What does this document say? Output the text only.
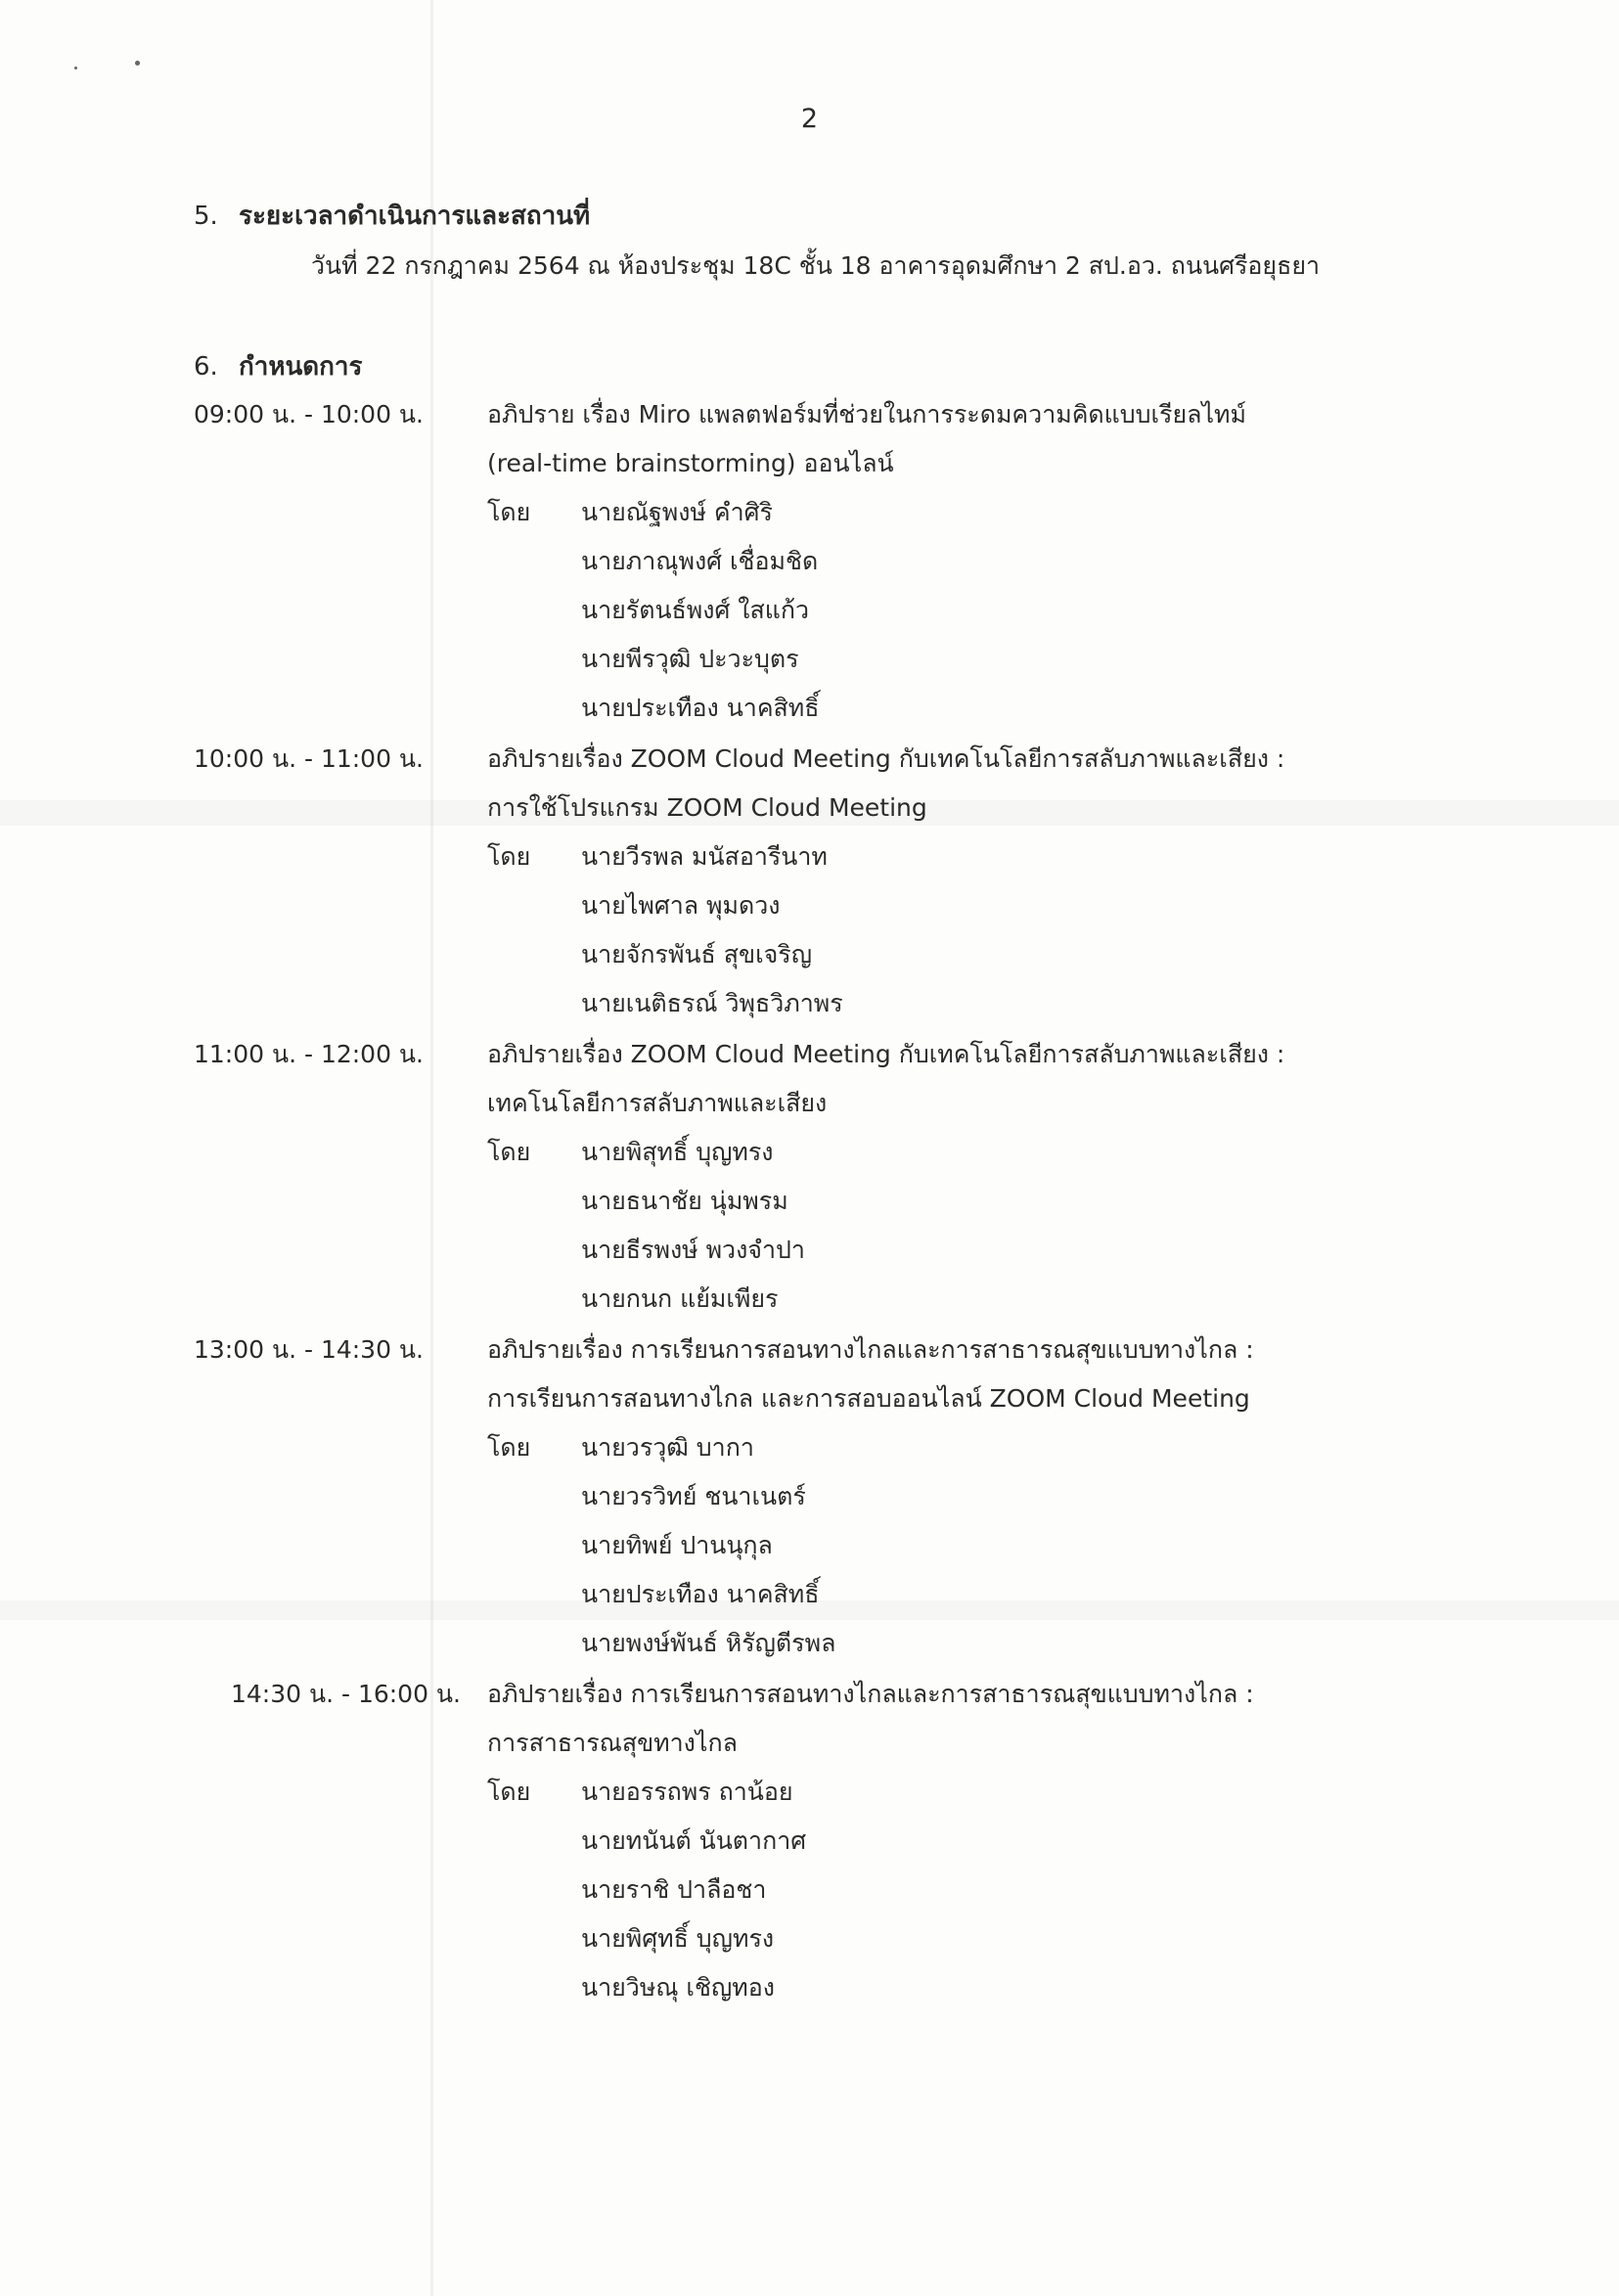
2
5. ระยะเวลาดำเนินการและสถานที่
วันที่ 22 กรกฎาคม 2564 ณ ห้องประชุม 18C ชั้น 18 อาคารอุดมศึกษา 2 สป.อว. ถนนศรีอยุธยา
6. กำหนดการ
09:00 น. - 10:00 น.	อภิปราย เรื่อง Miro แพลตฟอร์มที่ช่วยในการระดมความคิดแบบเรียลไทม์
(real-time brainstorming) ออนไลน์
โดย นายณัฐพงษ์ คำศิริ
นายภาณุพงศ์ เชื่อมชิด
นายรัตนธ์พงศ์ ใสแก้ว
นายพีรวุฒิ ปะวะบุตร
นายประเทือง นาคสิทธิ์
10:00 น. - 11:00 น.	อภิปรายเรื่อง ZOOM Cloud Meeting กับเทคโนโลยีการสลับภาพและเสียง :
การใช้โปรแกรม ZOOM Cloud Meeting
โดย นายวีรพล มนัสอารีนาท
นายไพศาล พุมดวง
นายจักรพันธ์ สุขเจริญ
นายเนติธรณ์ วิพุธวิภาพร
11:00 น. - 12:00 น.	อภิปรายเรื่อง ZOOM Cloud Meeting กับเทคโนโลยีการสลับภาพและเสียง :
เทคโนโลยีการสลับภาพและเสียง
โดย นายพิสุทธิ์ บุญทรง
นายธนาชัย นุ่มพรม
นายธีรพงษ์ พวงจำปา
นายกนก แย้มเพียร
13:00 น. - 14:30 น.	อภิปรายเรื่อง การเรียนการสอนทางไกลและการสาธารณสุขแบบทางไกล :
การเรียนการสอนทางไกล และการสอบออนไลน์ ZOOM Cloud Meeting
โดย นายวรวุฒิ บากา
นายวรวิทย์ ชนาเนตร์
นายทิพย์ ปานนุกุล
นายประเทือง นาคสิทธิ์
นายพงษ์พันธ์ หิรัญตีรพล
14:30 น. - 16:00 น. อภิปรายเรื่อง การเรียนการสอนทางไกลและการสาธารณสุขแบบทางไกล :
การสาธารณสุขทางไกล
โดย นายอรรถพร ถาน้อย
นายทนันต์ นันตากาศ
นายราชิ ปาลือชา
นายพิศุทธิ์ บุญทรง
นายวิษณุ เชิญทอง
